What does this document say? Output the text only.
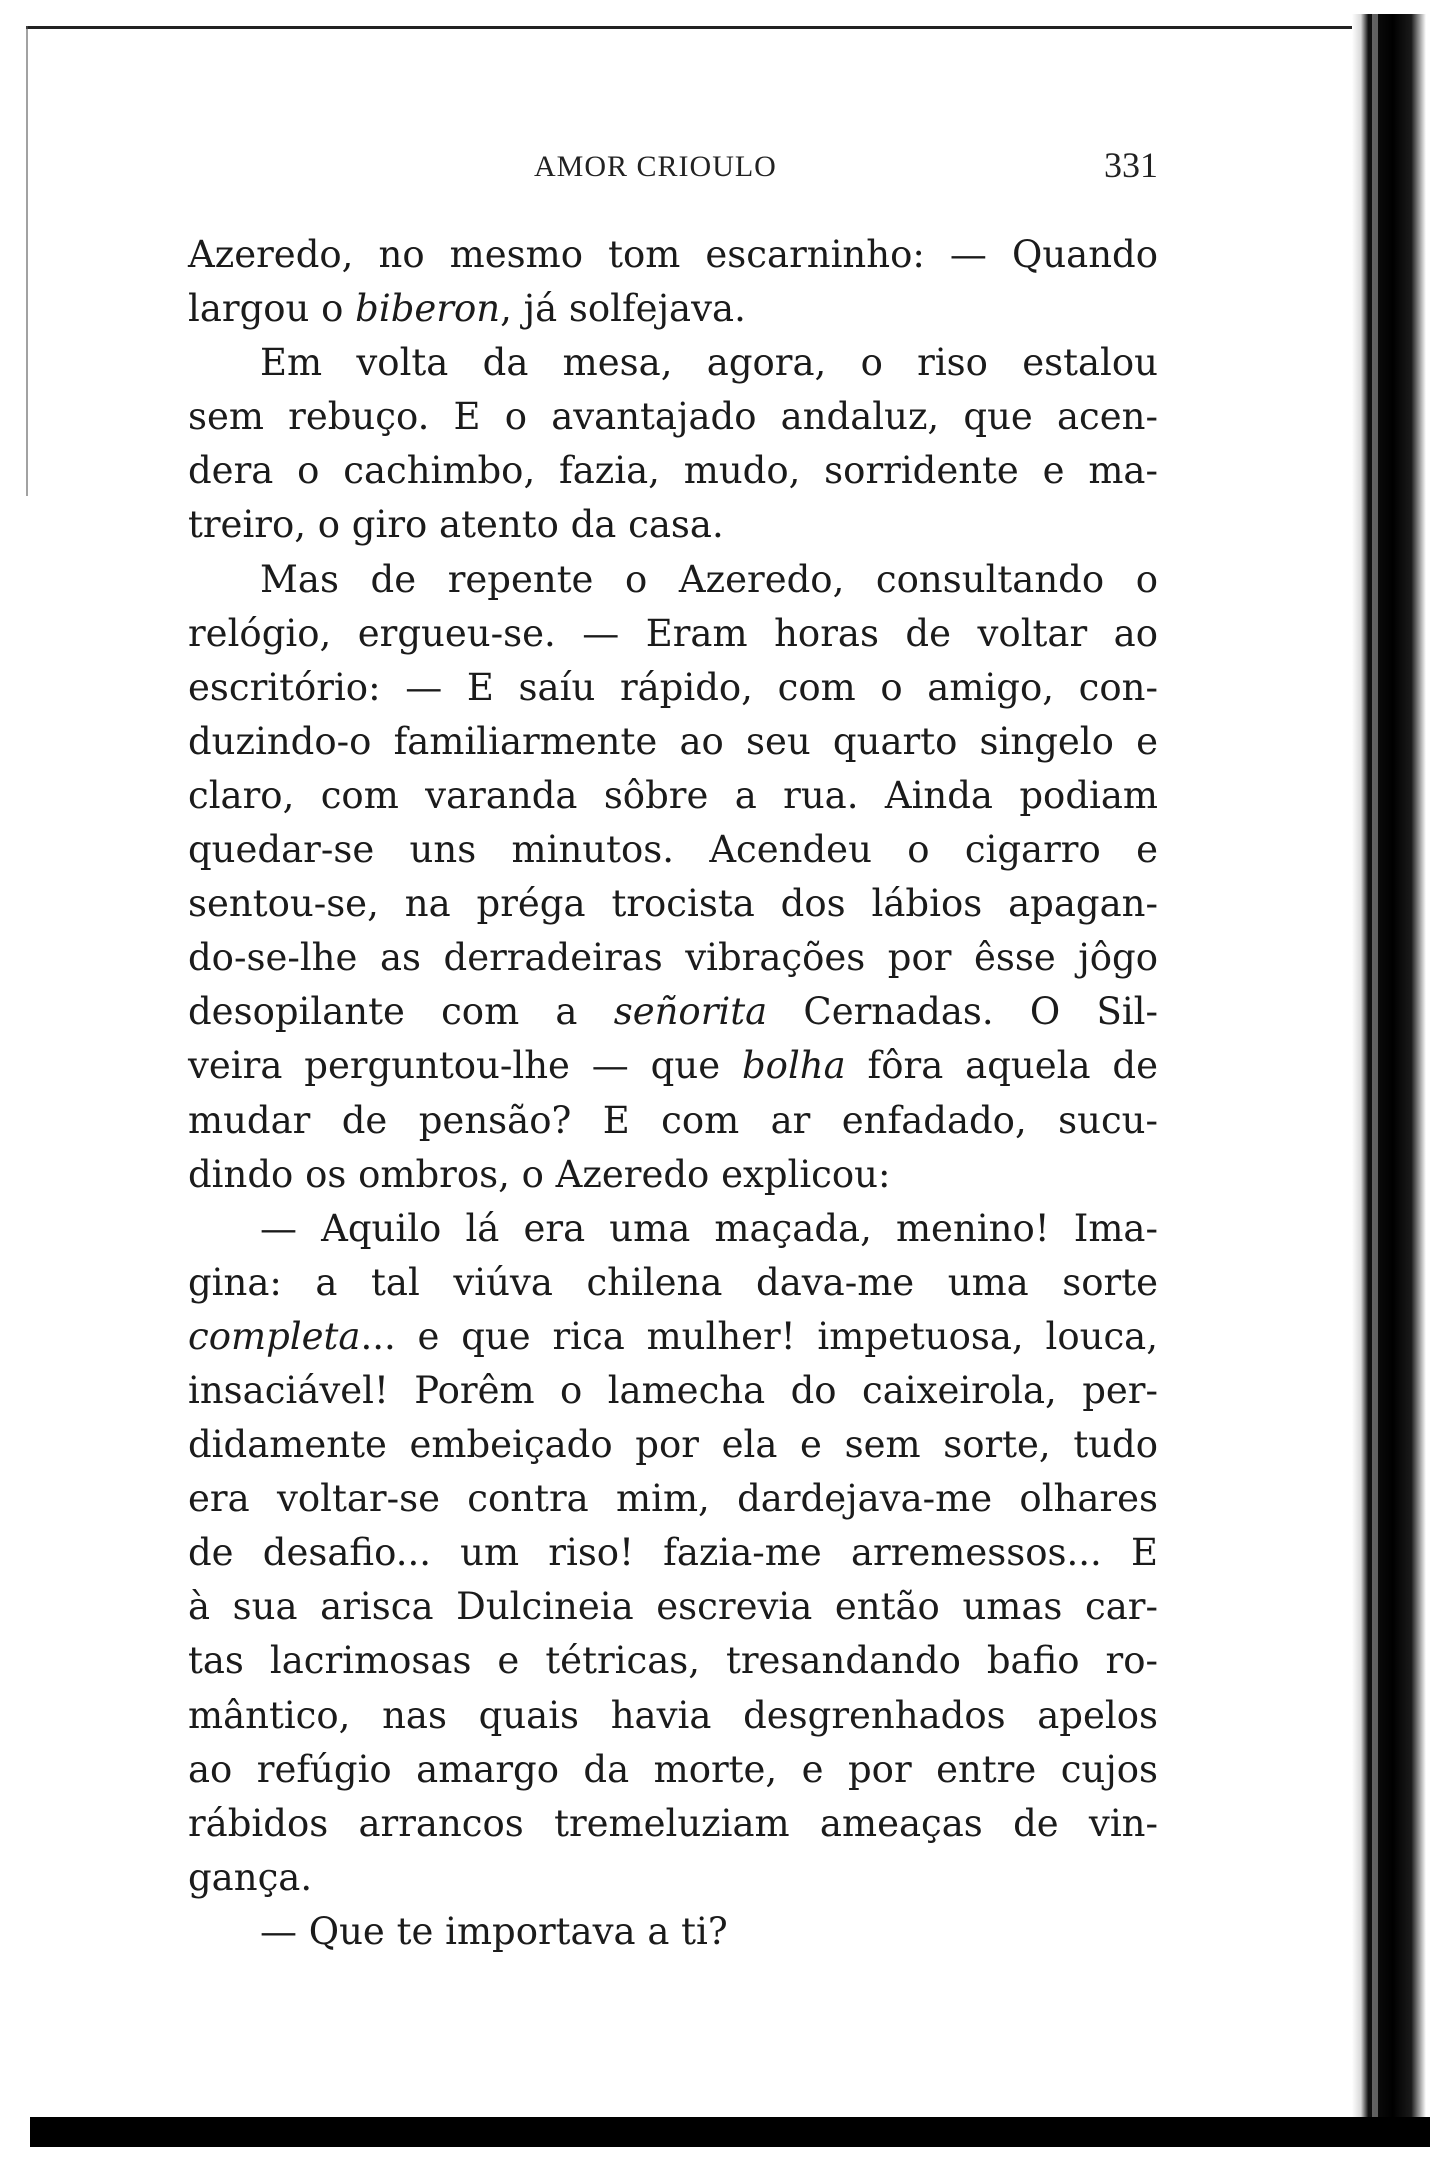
AMOR CRIOULO	331
Azeredo, no mesmo tom escarninho: — Quando
largou o biberon, já solfejava.
Em volta da mesa, agora, o riso estalou
sem rebuço. E o avantajado andaluz, que acen-
dera o cachimbo, fazia, mudo, sorridente e ma-
treiro, o giro atento da casa.
Mas de repente o Azeredo, consultando o
relógio, ergueu-se. — Eram horas de voltar ao
escritório: — E saíu rápido, com o amigo, con-
duzindo-o familiarmente ao seu quarto singelo e
claro, com varanda sôbre a rua. Ainda podiam
quedar-se uns minutos. Acendeu o cigarro e
sentou-se, na préga trocista dos lábios apagan-
do-se-lhe as derradeiras vibrações por êsse jôgo
desopilante com a señorita Cernadas. O Sil-
veira perguntou-lhe — que bolha fôra aquela de
mudar de pensão? E com ar enfadado, sucu-
dindo os ombros, o Azeredo explicou:
— Aquilo lá era uma maçada, menino! Ima-
gina: a tal viúva chilena dava-me uma sorte
completa... e que rica mulher! impetuosa, louca,
insaciável! Porêm o lamecha do caixeirola, per-
didamente embeiçado por ela e sem sorte, tudo
era voltar-se contra mim, dardejava-me olhares
de desafio... um riso! fazia-me arremessos... E
à sua arisca Dulcineia escrevia então umas car-
tas lacrimosas e tétricas, tresandando bafio ro-
mântico, nas quais havia desgrenhados apelos
ao refúgio amargo da morte, e por entre cujos
rábidos arrancos tremeluziam ameaças de vin-
gança.
— Que te importava a ti?
